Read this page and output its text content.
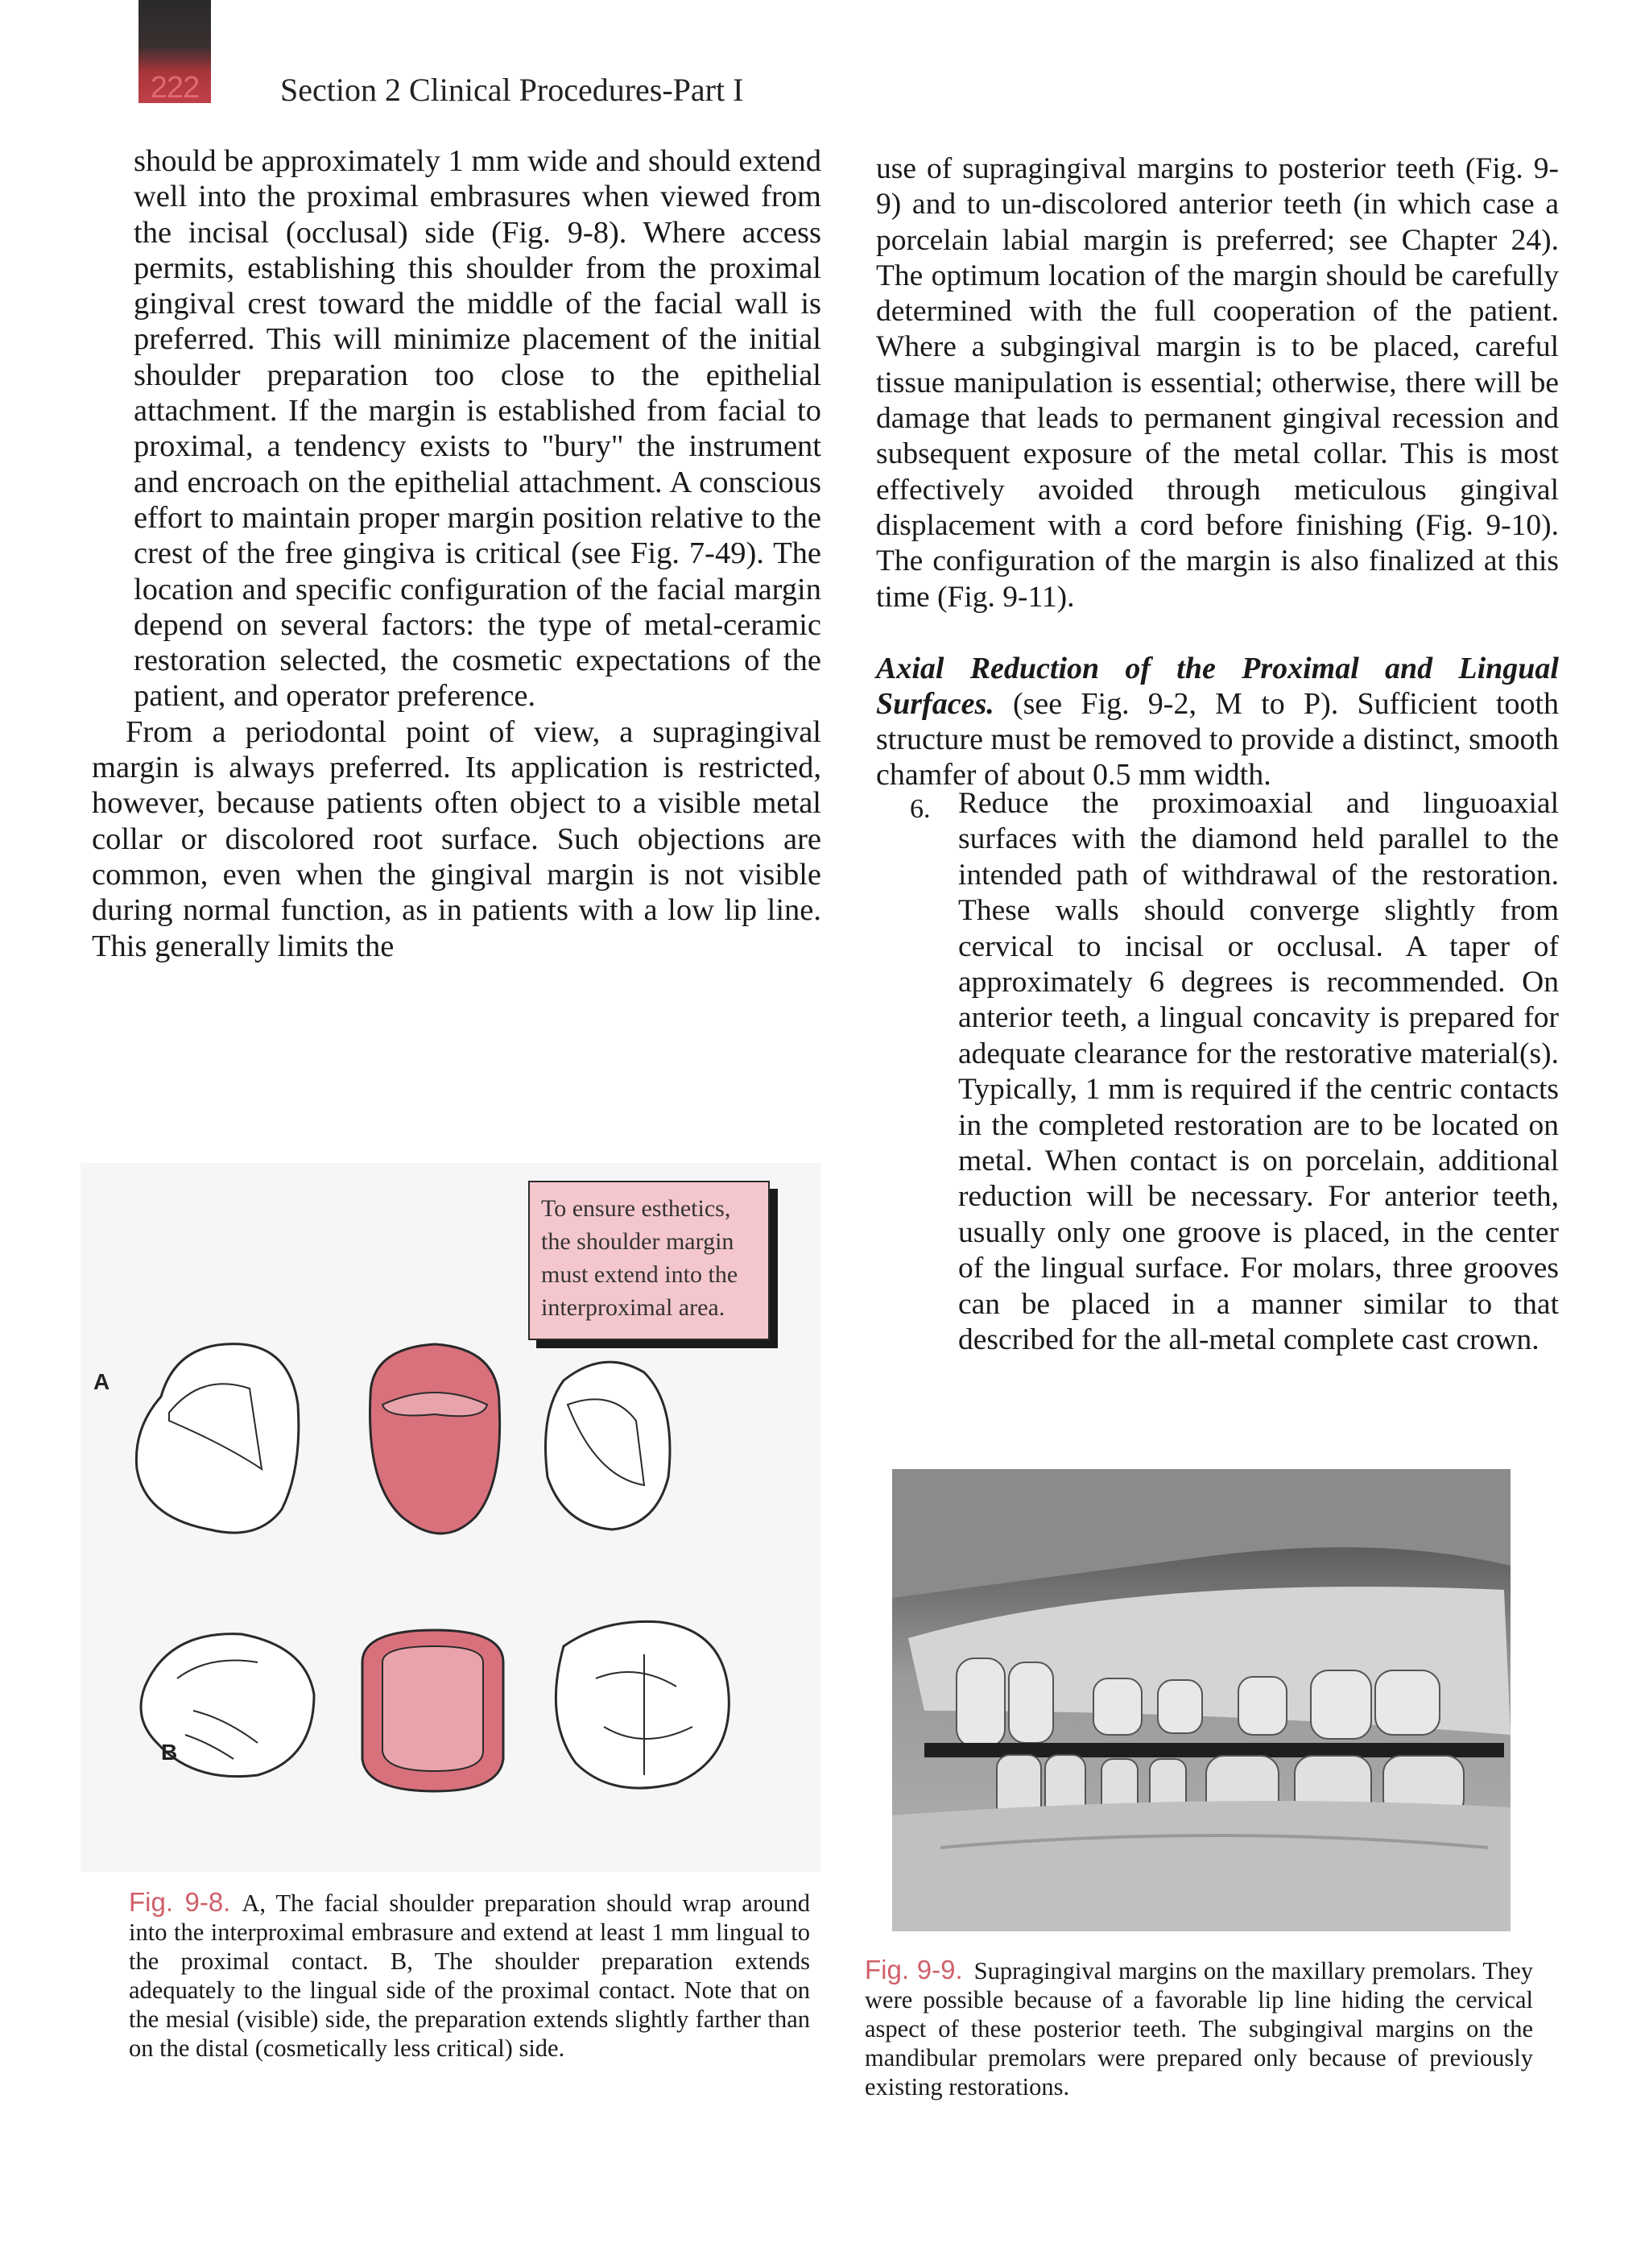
222	Section 2 Clinical Procedures-Part I

should be approximately 1 mm wide and should extend well into the proximal embrasures when viewed from the incisal (occlusal) side (Fig. 9-8). Where access permits, establishing this shoulder from the proximal gingival crest toward the middle of the facial wall is preferred. This will minimize placement of the initial shoulder preparation too close to the epithelial attachment. If the margin is established from facial to proximal, a tendency exists to "bury" the instrument and encroach on the epithelial attachment. A conscious effort to maintain proper margin position relative to the crest of the free gingiva is critical (see Fig. 7-49). The location and specific configuration of the facial margin depend on several factors: the type of metal-ceramic restoration selected, the cosmetic expectations of the patient, and operator preference.

From a periodontal point of view, a supragingival margin is always preferred. Its application is restricted, however, because patients often object to a visible metal collar or discolored root surface. Such objections are common, even when the gingival margin is not visible during normal function, as in patients with a low lip line. This generally limits the

use of supragingival margins to posterior teeth (Fig. 9-9) and to un-discolored anterior teeth (in which case a porcelain labial margin is preferred; see Chapter 24). The optimum location of the margin should be carefully determined with the full cooperation of the patient. Where a subgingival margin is to be placed, careful tissue manipulation is essential; otherwise, there will be damage that leads to permanent gingival recession and subsequent exposure of the metal collar. This is most effectively avoided through meticulous gingival displacement with a cord before finishing (Fig. 9-10). The configuration of the margin is also finalized at this time (Fig. 9-11).

Axial Reduction of the Proximal and Lingual Surfaces. (see Fig. 9-2, M to P). Sufficient tooth structure must be removed to provide a distinct, smooth chamfer of about 0.5 mm width.
6. Reduce the proximoaxial and linguoaxial surfaces with the diamond held parallel to the intended path of withdrawal of the restoration. These walls should converge slightly from cervical to incisal or occlusal. A taper of approximately 6 degrees is recommended. On anterior teeth, a lingual concavity is prepared for adequate clearance for the restorative material(s). Typically, 1 mm is required if the centric contacts in the completed restoration are to be located on metal. When contact is on porcelain, additional reduction will be necessary. For anterior teeth, usually only one groove is placed, in the center of the lingual surface. For molars, three grooves can be placed in a manner similar to that described for the all-metal complete cast crown.
To ensure esthetics, the shoulder margin must extend into the interproximal area.
A
B
Fig. 9-8. A, The facial shoulder preparation should wrap around into the interproximal embrasure and extend at least 1 mm lingual to the proximal contact. B, The shoulder preparation extends adequately to the lingual side of the proximal contact. Note that on the mesial (visible) side, the preparation extends slightly farther than on the distal (cosmetically less critical) side.
Fig. 9-9. Supragingival margins on the maxillary premolars. They were possible because of a favorable lip line hiding the cervical aspect of these posterior teeth. The subgingival margins on the mandibular premolars were prepared only because of previously existing restorations.
